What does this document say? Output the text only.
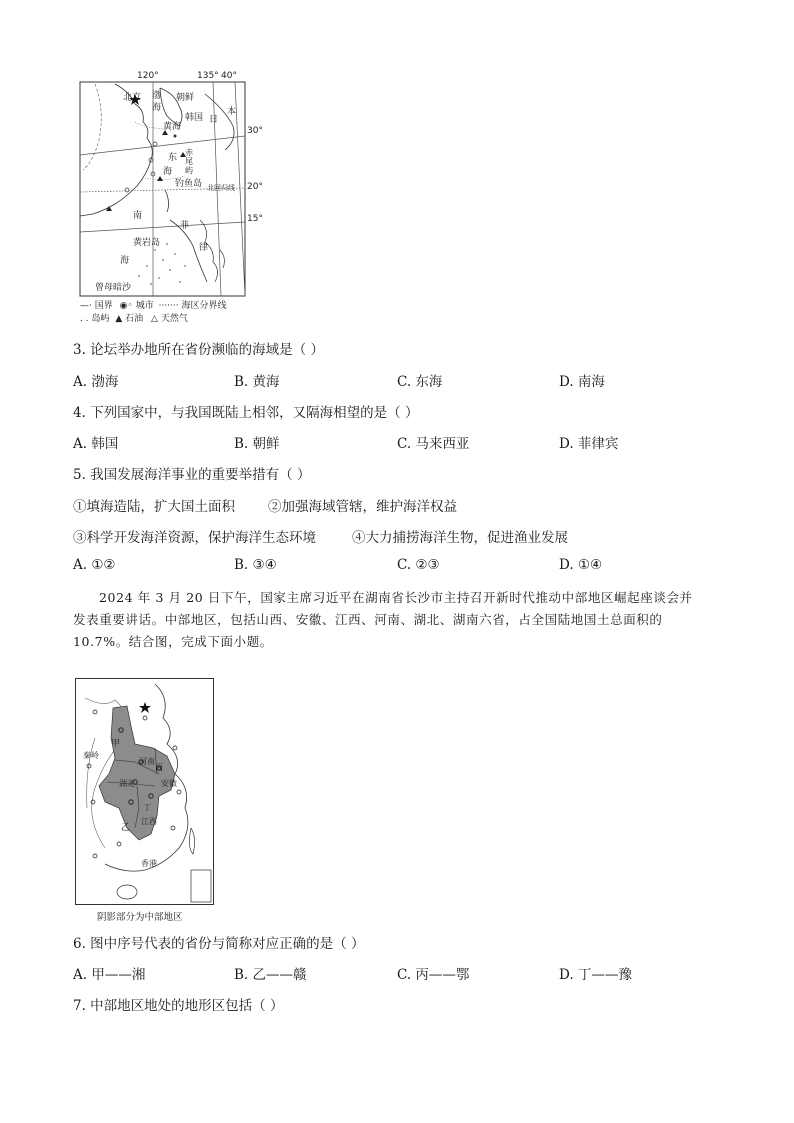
120°	135° 40°
30°
20°
15°
北京 渤
海
朝鲜
韩国 日
本
黄海
东
海
赤尾屿
钓鱼岛 北回归线
南
菲
律
黄岩岛
海
曾母暗沙
—· 国界 ◉◦ 城市 ······· 海区分界线
. . 岛屿 ▲ 石油 △ 天然气
3. 论坛举办地所在省份濒临的海域是（ ）
A. 渤海	B. 黄海	C. 东海	D. 南海
4. 下列国家中，与我国既陆上相邻，又隔海相望的是（ ）
A. 韩国	B. 朝鲜	C. 马来西亚	D. 菲律宾
5. 我国发展海洋事业的重要举措有（ ）
①填海造陆，扩大国土面积 ②加强海域管辖，维护海洋权益
③科学开发海洋资源，保护海洋生态环境	④大力捕捞海洋生物，促进渔业发展
A. ①②	B. ③④	C. ②③	D. ①④
2024 年 3 月 20 日下午，国家主席习近平在湖南省长沙市主持召开新时代推动中部地区崛起座谈会并
发表重要讲话。中部地区，包括山西、安徽、江西、河南、湖北、湖南六省，占全国陆地国土总面积的
10.7%。结合图，完成下面小题。
甲
秦岭
河南
丙
安徽
湖北
丁
江西
乙
香港
阴影部分为中部地区
6. 图中序号代表的省份与简称对应正确的是（ ）
A. 甲——湘	B. 乙——赣	C. 丙——鄂	D. 丁——豫
7. 中部地区地处的地形区包括（ ）
